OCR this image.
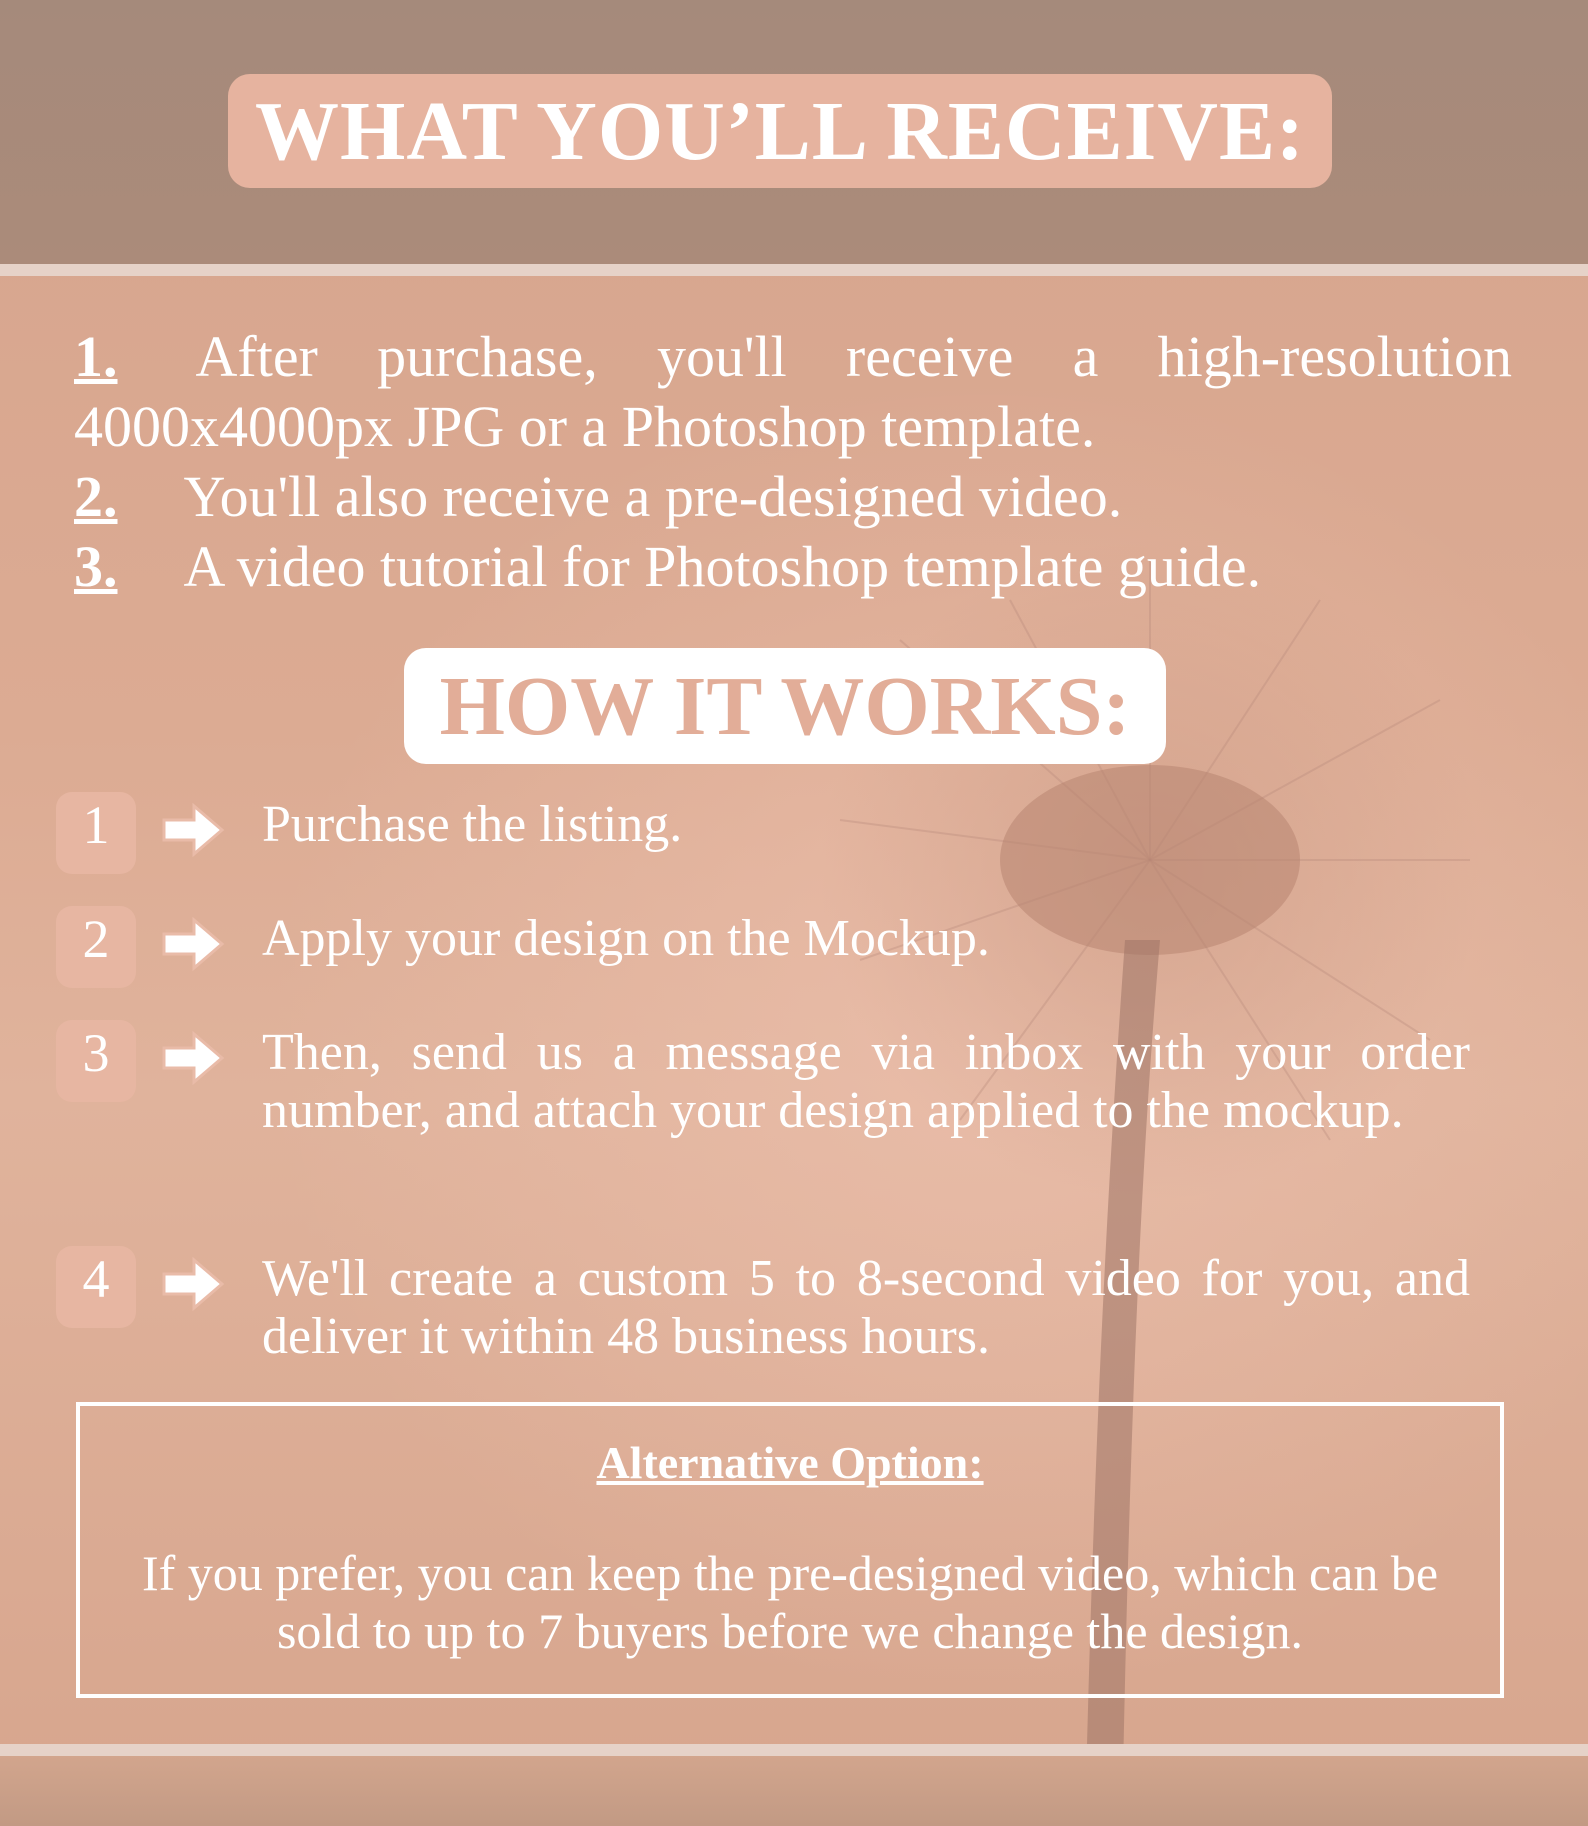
WHAT YOU’LL RECEIVE:
1. After purchase, you'll receive a high-resolution 4000x4000px JPG or a Photoshop template.
2. You'll also receive a pre-designed video.
3. A video tutorial for Photoshop template guide.
HOW IT WORKS:
1	Purchase the listing.
2	Apply your design on the Mockup.
3	Then, send us a message via inbox with your order number, and attach your design applied to the mockup.
4	We'll create a custom 5 to 8-second video for you, and deliver it within 48 business hours.
Alternative Option:
If you prefer, you can keep the pre-designed video, which can be sold to up to 7 buyers before we change the design.
